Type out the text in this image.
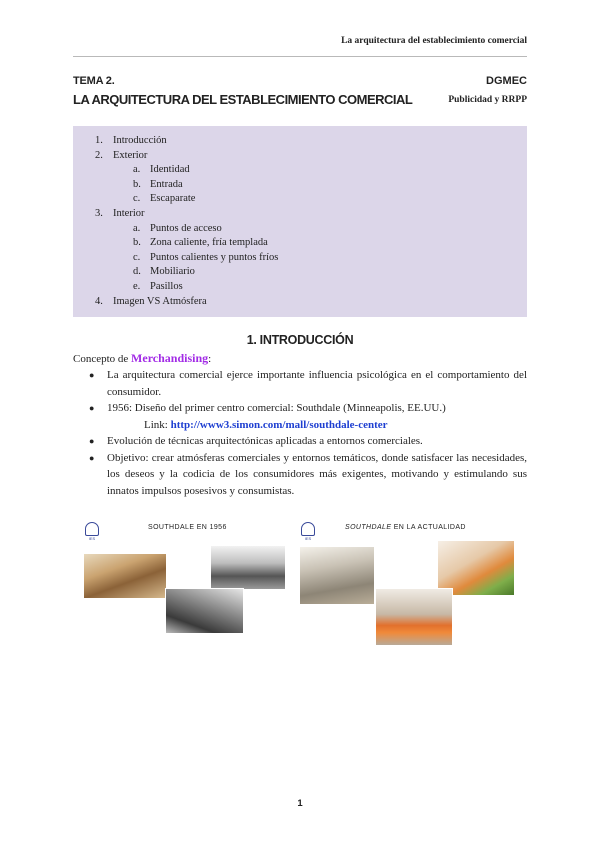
La arquitectura del establecimiento comercial
TEMA 2.	DGMEC
LA ARQUITECTURA DEL ESTABLECIMIENTO COMERCIAL	Publicidad y RRPP
1. Introducción
2. Exterior
a. Identidad
b. Entrada
c. Escaparate
3. Interior
a. Puntos de acceso
b. Zona caliente, fría templada
c. Puntos calientes y puntos fríos
d. Mobiliario
e. Pasillos
4. Imagen VS Atmósfera
1. INTRODUCCIÓN
Concepto de Merchandising:
● La arquitectura comercial ejerce importante influencia psicológica en el comportamiento del consumidor.
● 1956: Diseño del primer centro comercial: Southdale (Minneapolis, EE.UU.)
Link: http://www3.simon.com/mall/southdale-center
● Evolución de técnicas arquitectónicas aplicadas a entornos comerciales.
● Objetivo: crear atmósferas comerciales y entornos temáticos, donde satisfacer las necesidades, los deseos y la codicia de los consumidores más exigentes, motivando y estimulando sus innatos impulsos posesivos y consumistas.
IES
SOUTHDALE EN 1956
IES
SOUTHDALE EN LA ACTUALIDAD
1
